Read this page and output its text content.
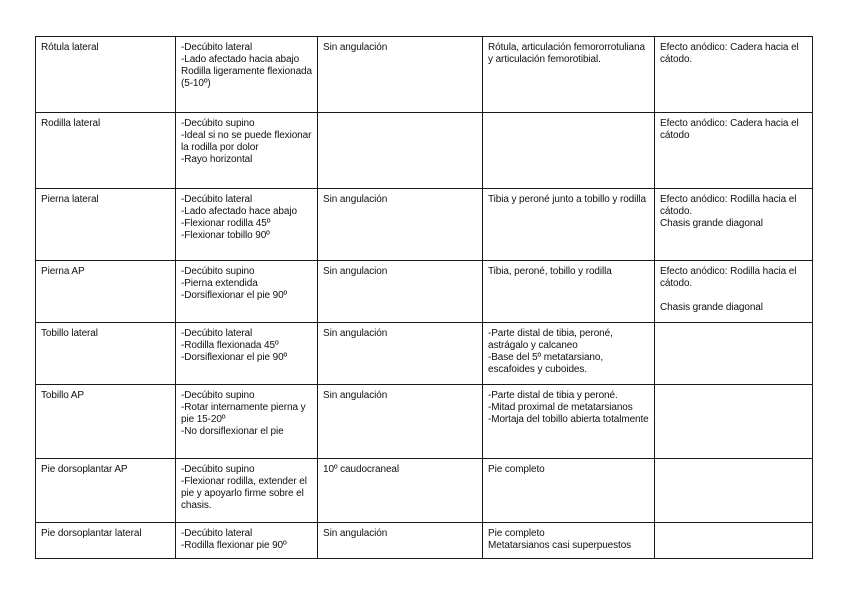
Rótula lateral	-Decúbito lateral
-Lado afectado hacia abajo
Rodilla ligeramente flexionada (5-10º)	Sin angulación	Rótula, articulación femororrotuliana y articulación femorotibial.	Efecto anódico: Cadera hacia el cátodo.
Rodilla lateral	-Decúbito supino
-Ideal si no se puede flexionar la rodilla por dolor
-Rayo horizontal			Efecto anódico: Cadera hacia el cátodo
Pierna lateral	-Decúbito lateral
-Lado afectado hace abajo
-Flexionar rodilla 45º
-Flexionar tobillo 90º	Sin angulación	Tibia y peroné junto a tobillo y rodilla	Efecto anódico: Rodilla hacia el cátodo.
Chasis grande diagonal
Pierna AP	-Decúbito supino
-Pierna extendida
-Dorsiflexionar el pie 90º	Sin angulacion	Tibia, peroné, tobillo y rodilla	Efecto anódico: Rodilla hacia el cátodo.

Chasis grande diagonal
Tobillo lateral	-Decúbito lateral
-Rodilla flexionada 45º
-Dorsiflexionar el pie 90º	Sin angulación	-Parte distal de tibia, peroné, astrágalo y calcaneo
-Base del 5º metatarsiano, escafoides y cuboides.	
Tobillo AP	-Decúbito supino
-Rotar internamente pierna y pie 15-20º
-No dorsiflexionar el pie	Sin angulación	-Parte distal de tibia y peroné.
-Mitad proximal de metatarsianos
-Mortaja del tobillo abierta totalmente	
Pie dorsoplantar AP	-Decúbito supino
-Flexionar rodilla, extender el pie y apoyarlo firme sobre el chasis.	10º caudocraneal	Pie completo	
Pie dorsoplantar lateral	-Decúbito lateral
-Rodilla flexionar pie 90º	Sin angulación	Pie completo
Metatarsianos casi superpuestos	
